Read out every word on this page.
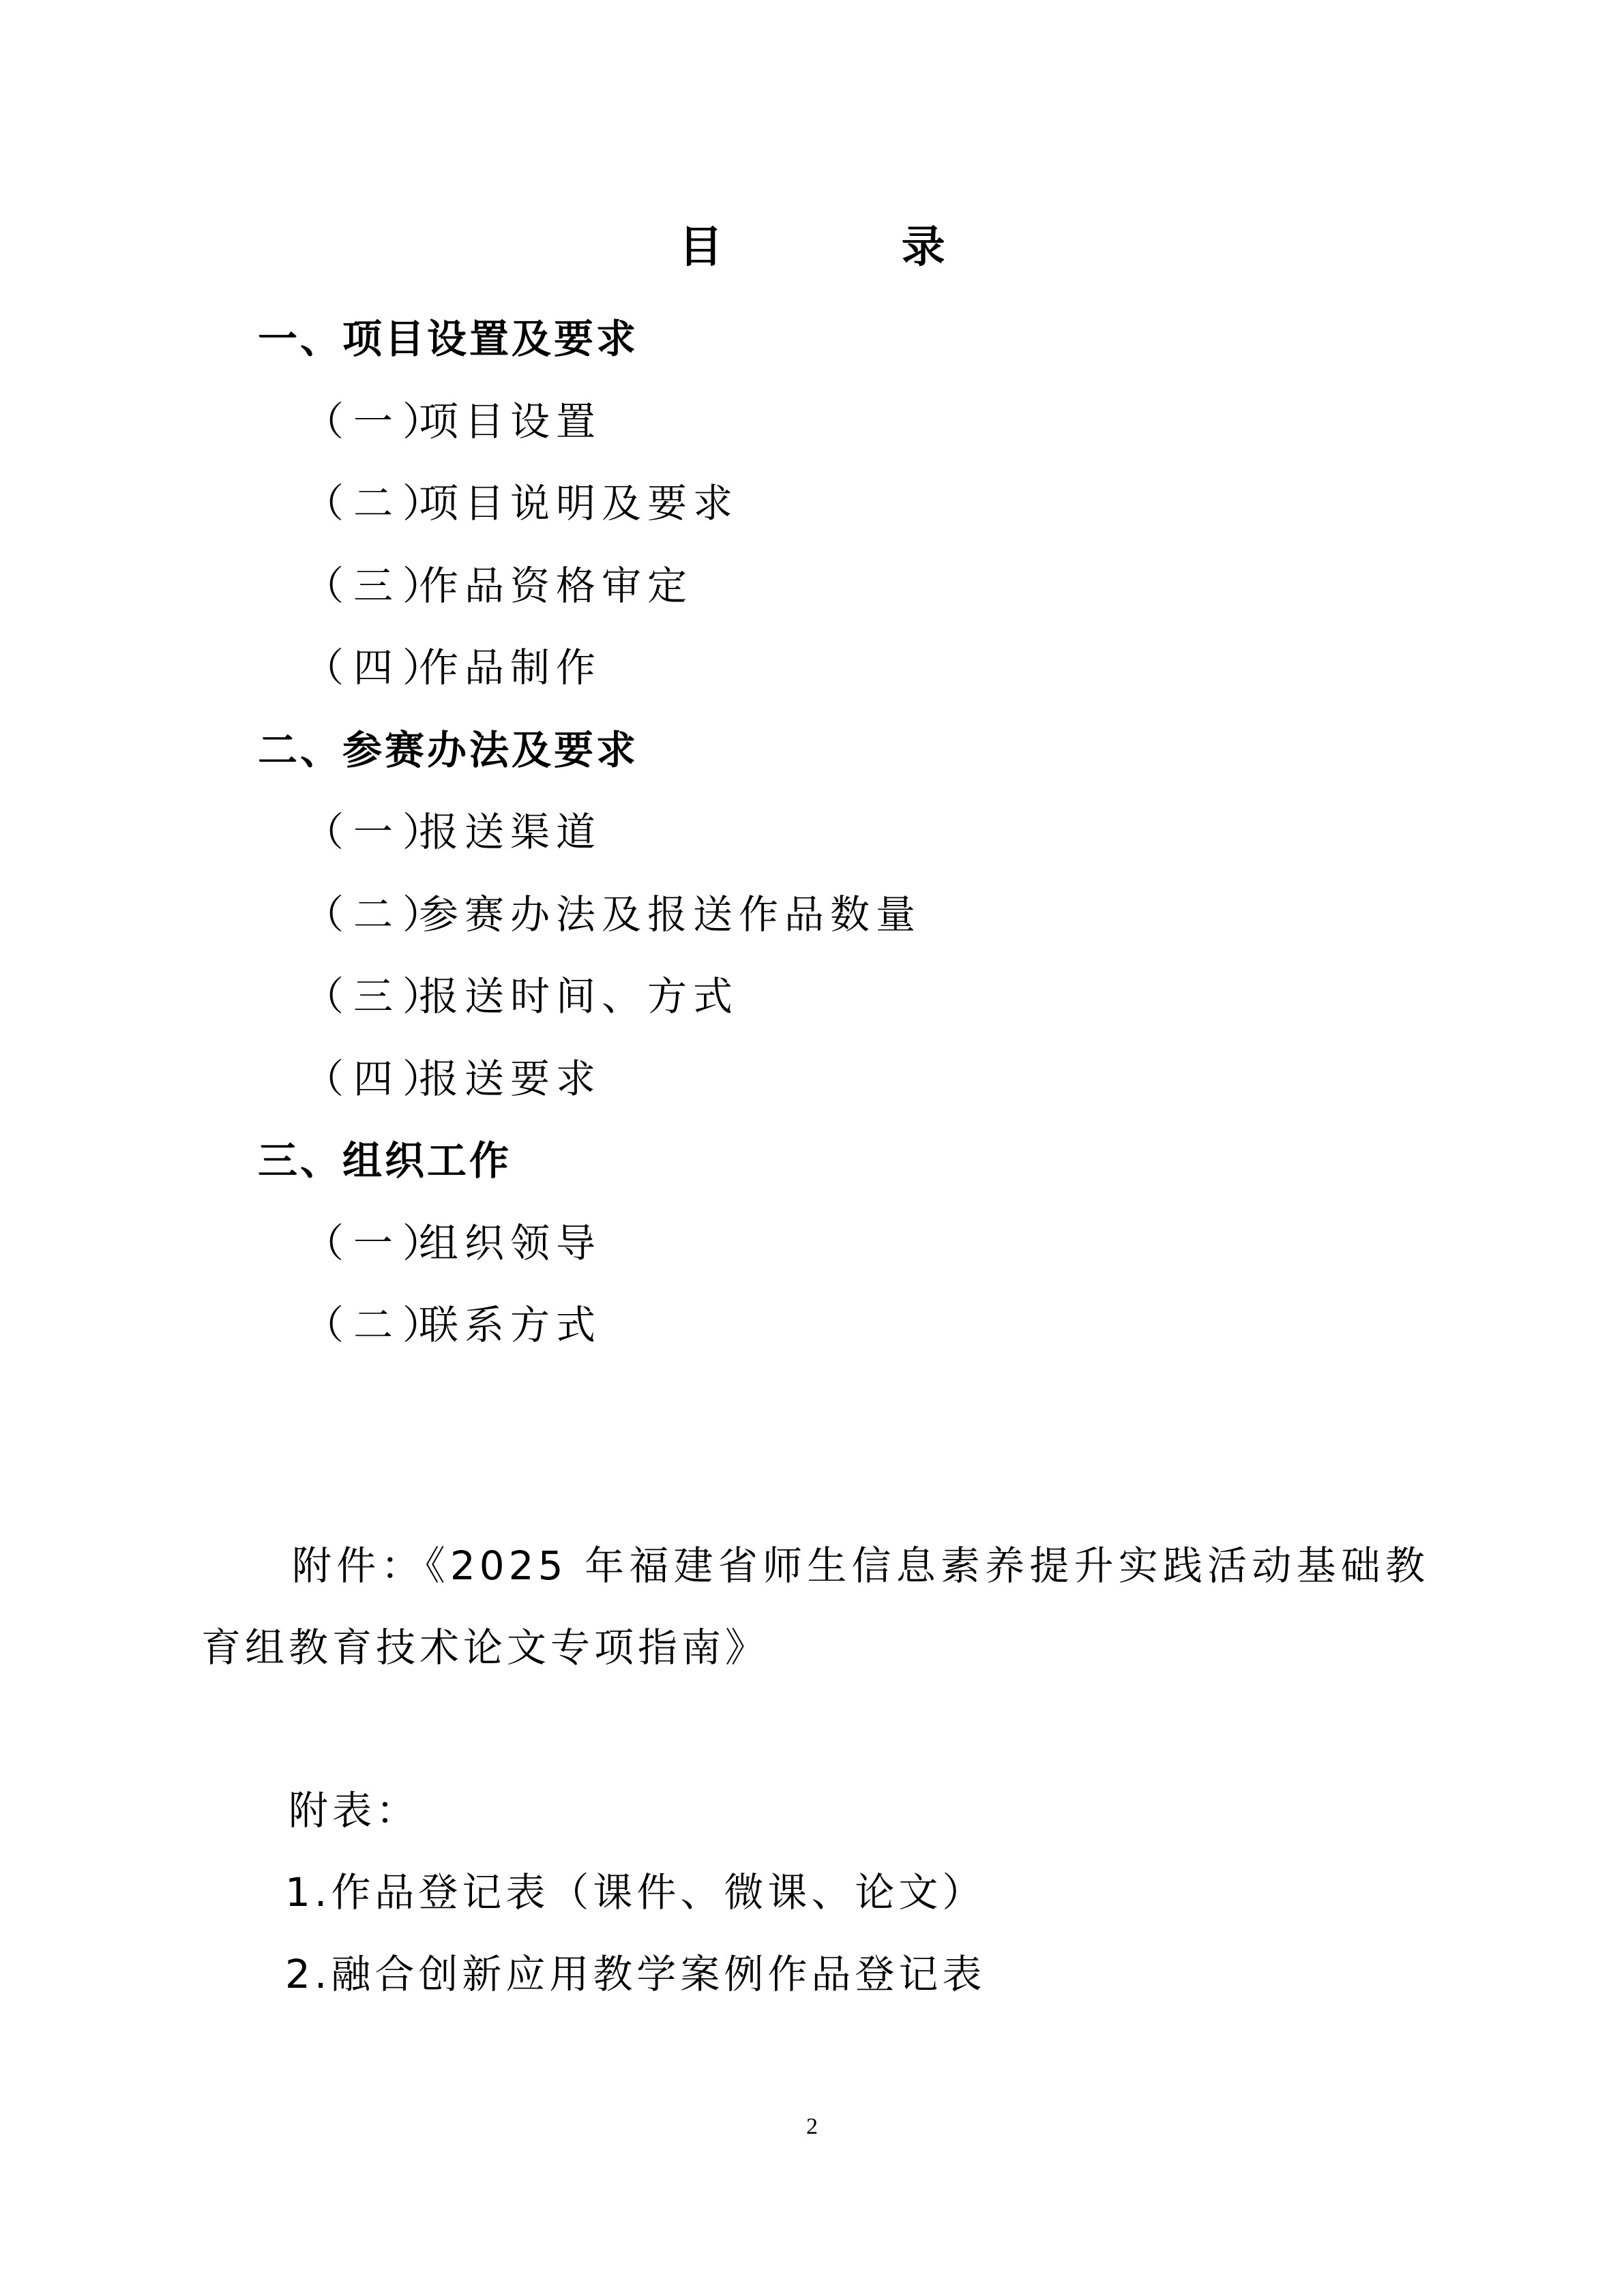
目 录
一、项目设置及要求
（一）
项目设置
（二）
项目说明及要求
（三）
作品资格审定
（四）
作品制作
二、参赛办法及要求
（一）
报送渠道
（二）
参赛办法及报送作品数量
（三）
报送时间、方式
（四）
报送要求
三、组织工作
（一）
组织领导
（二）
联系方式
附件：《2025 年福建省师生信息素养提升实践活动基础教育组教育技术论文专项指南》
附表：
1.作品登记表（课件、微课、论文）
2.融合创新应用教学案例作品登记表
2
